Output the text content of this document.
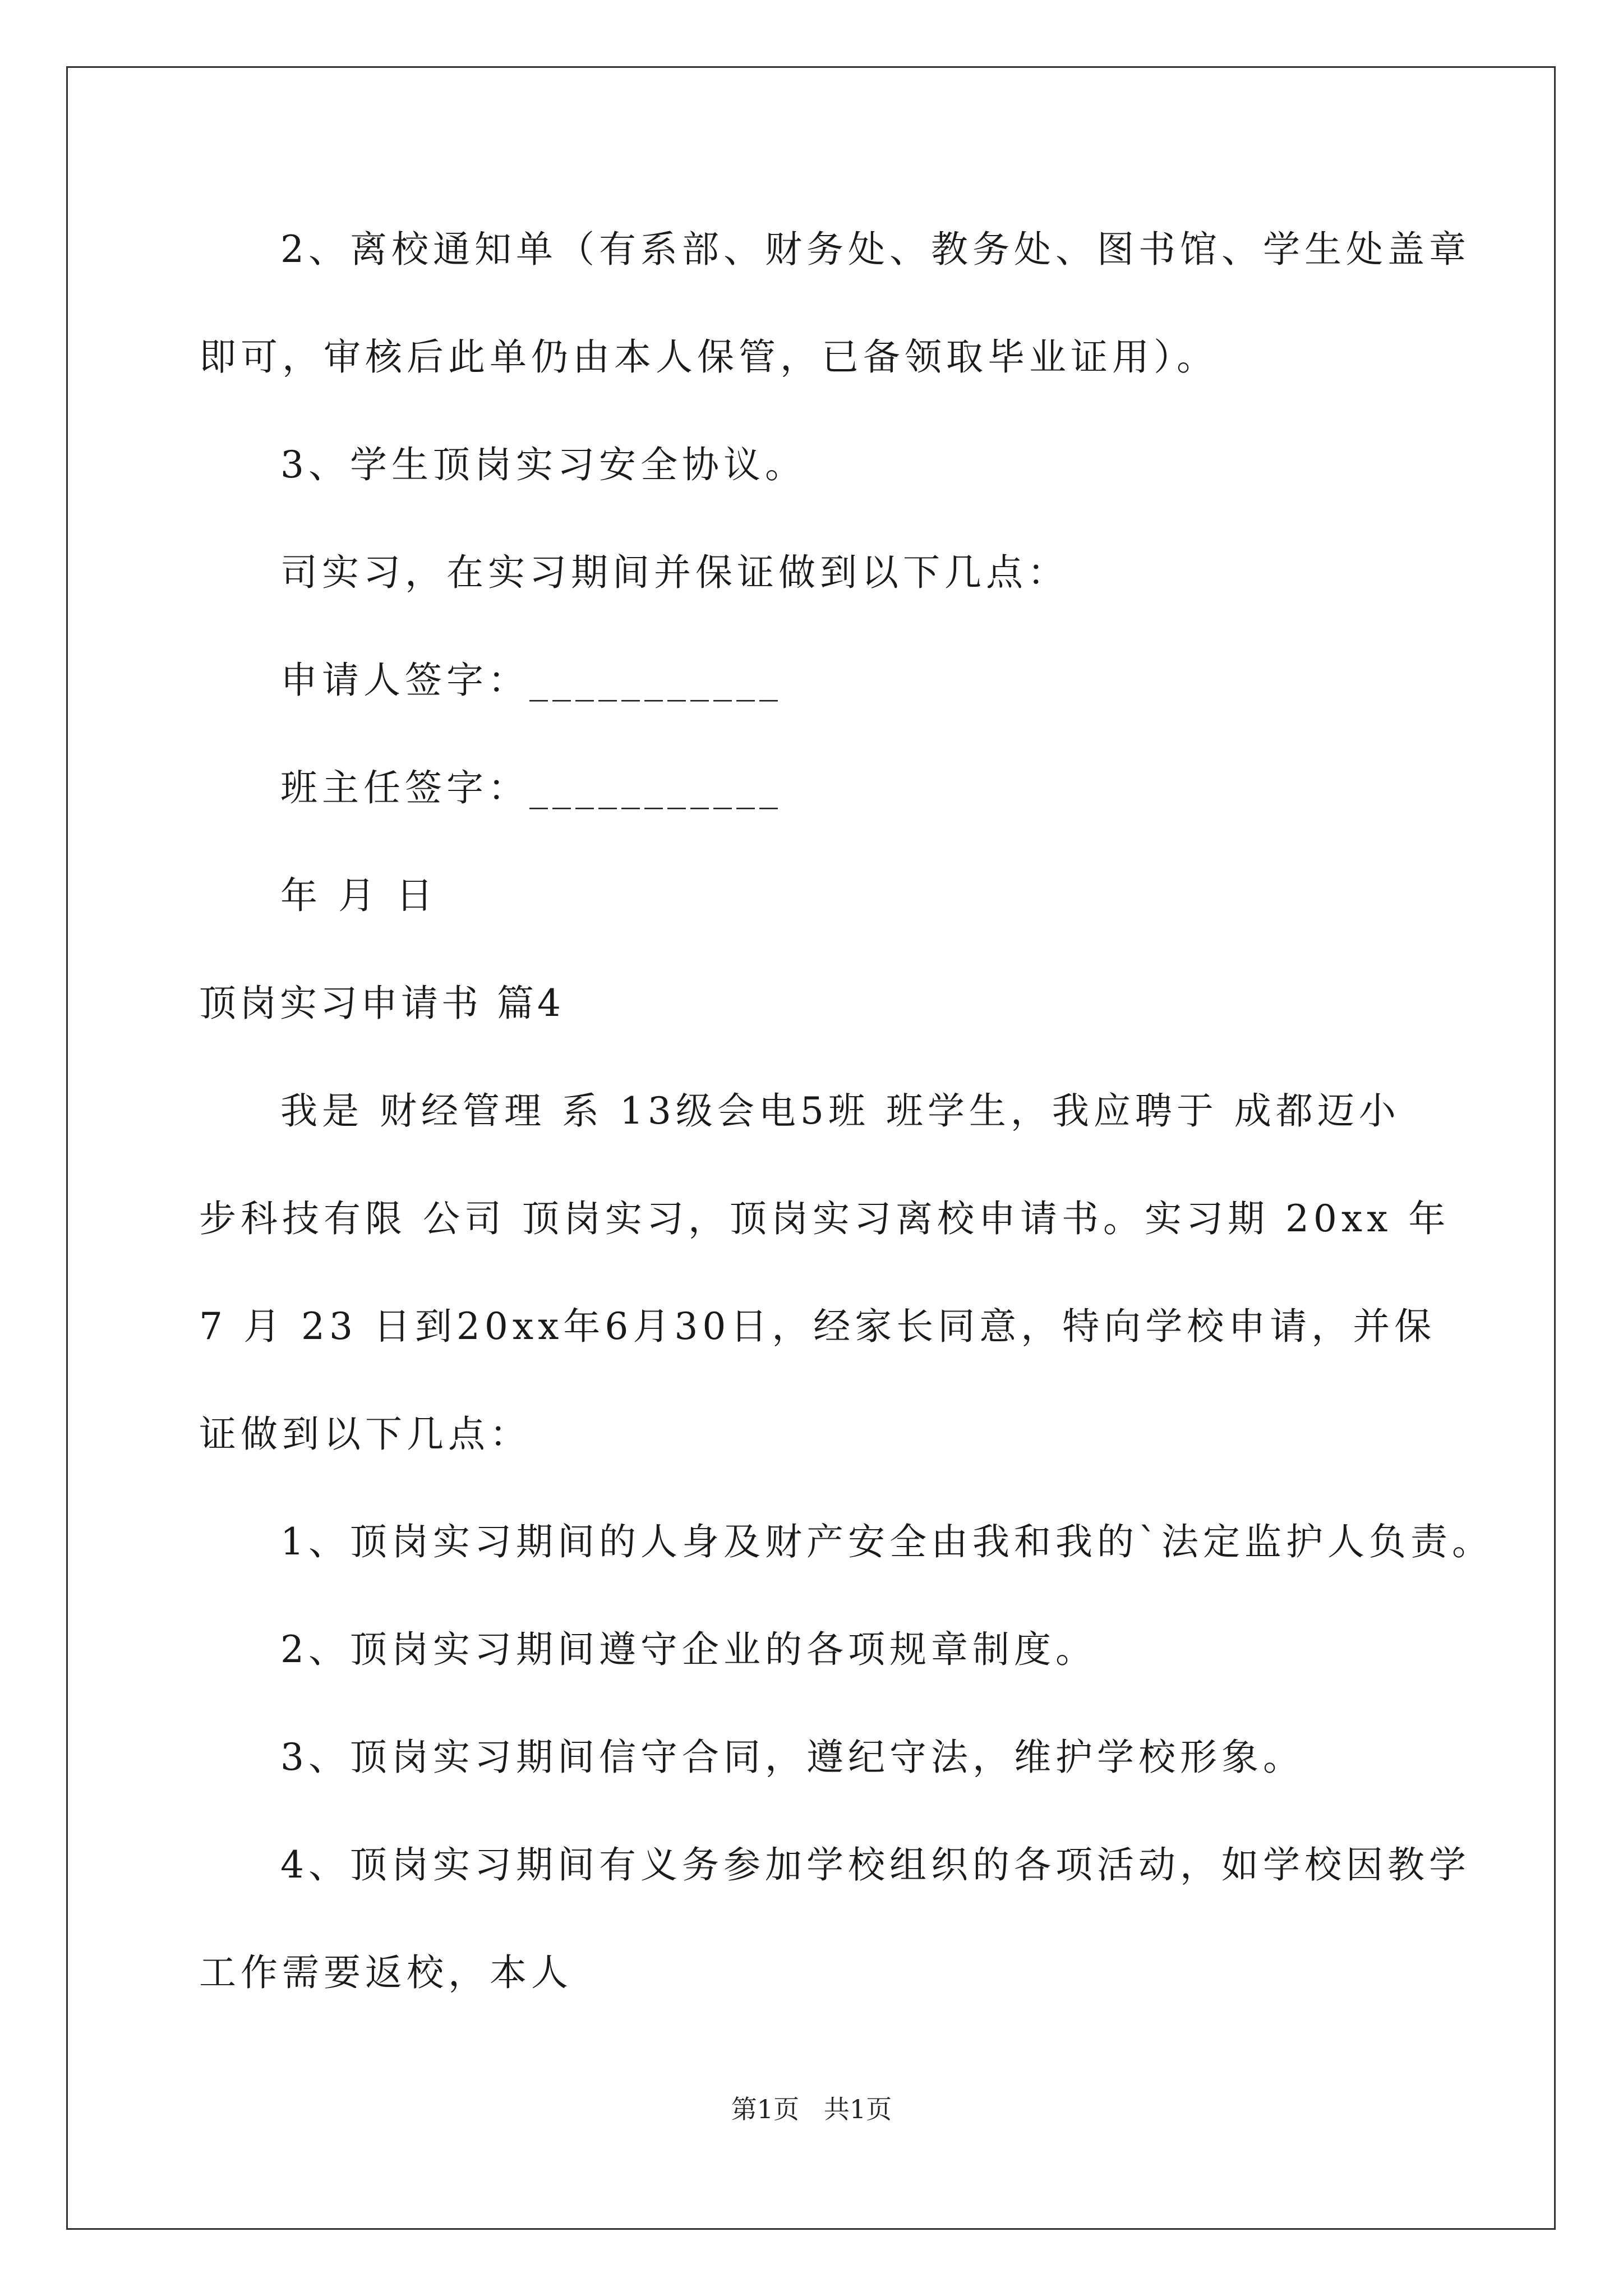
2、离校通知单（有系部、财务处、教务处、图书馆、学生处盖章

即可，审核后此单仍由本人保管，已备领取毕业证用）。

3、学生顶岗实习安全协议。

司实习，在实习期间并保证做到以下几点：

申请人签字：___________

班主任签字：___________

年 月 日

顶岗实习申请书 篇4

我是 财经管理 系 13级会电5班 班学生，我应聘于 成都迈小

步科技有限 公司 顶岗实习，顶岗实习离校申请书。实习期 20xx 年

7 月 23 日到20xx年6月30日，经家长同意，特向学校申请，并保

证做到以下几点：

1、顶岗实习期间的人身及财产安全由我和我的`法定监护人负责。

2、顶岗实习期间遵守企业的各项规章制度。

3、顶岗实习期间信守合同，遵纪守法，维护学校形象。

4、顶岗实习期间有义务参加学校组织的各项活动，如学校因教学

工作需要返校，本人

第1页   共1页
